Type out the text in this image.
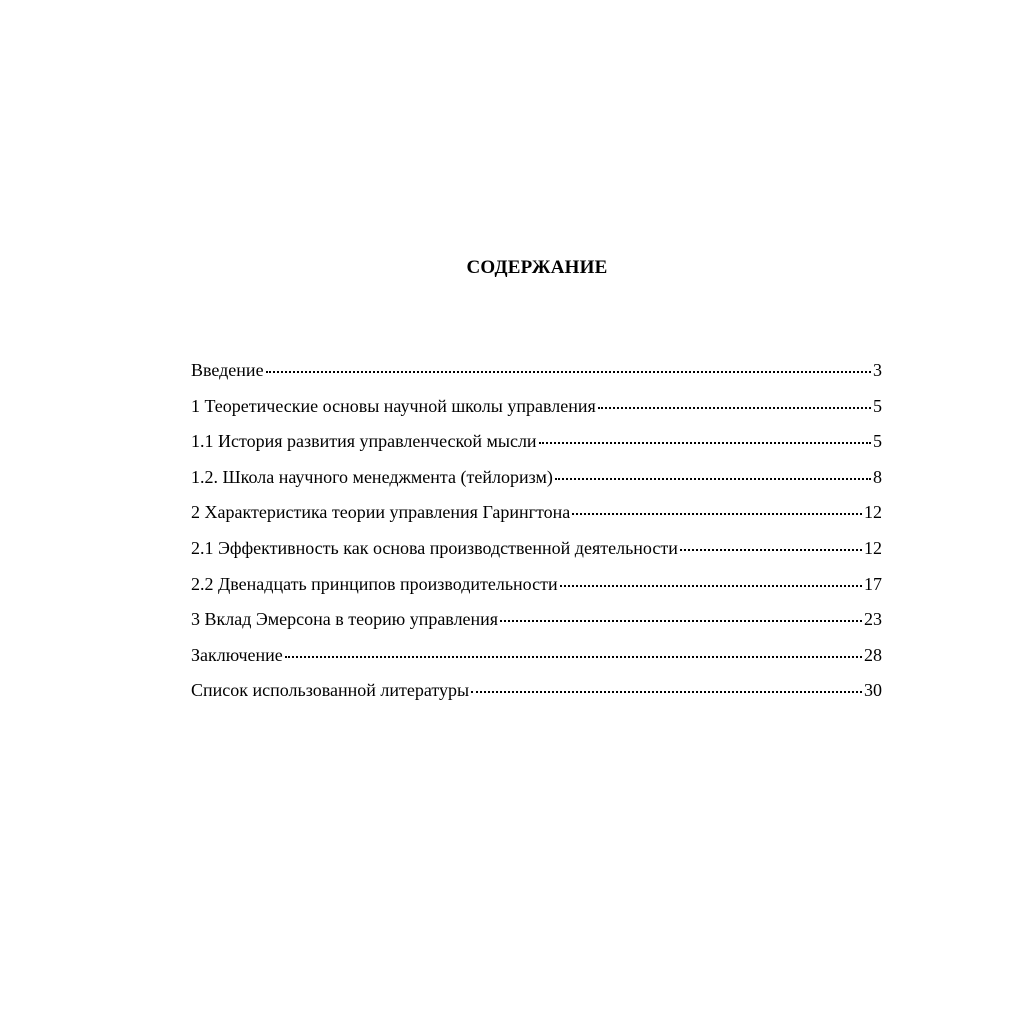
СОДЕРЖАНИЕ
Введение	3
1 Теоретические основы научной школы управления	5
1.1 История развития управленческой мысли	5
1.2. Школа научного менеджмента (тейлоризм)	8
2 Характеристика теории управления Гарингтона	12
2.1 Эффективность как основа производственной деятельности	12
2.2 Двенадцать принципов производительности	17
3 Вклад Эмерсона в теорию управления	23
Заключение	28
Список использованной литературы	30
